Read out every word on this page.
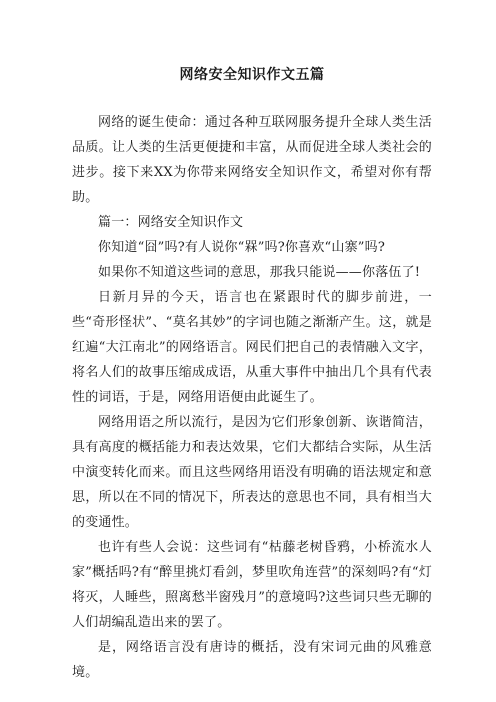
网络安全知识作文五篇

网络的诞生使命：通过各种互联网服务提升全球人类生活品质。让人类的生活更便捷和丰富，从而促进全球人类社会的进步。接下来XX为你带来网络安全知识作文，希望对你有帮助。

篇一：网络安全知识作文

你知道“囧”吗?有人说你“槑”吗?你喜欢“山寨”吗?

如果你不知道这些词的意思，那我只能说——你落伍了!

日新月异的今天，语言也在紧跟时代的脚步前进，一些“奇形怪状”、“莫名其妙”的字词也随之渐渐产生。这，就是红遍“大江南北”的网络语言。网民们把自己的表情融入文字，将名人们的故事压缩成成语，从重大事件中抽出几个具有代表性的词语，于是，网络用语便由此诞生了。

网络用语之所以流行，是因为它们形象创新、诙谐简洁，具有高度的概括能力和表达效果，它们大都结合实际，从生活中演变转化而来。而且这些网络用语没有明确的语法规定和意思，所以在不同的情况下，所表达的意思也不同，具有相当大的变通性。

也许有些人会说：这些词有“枯藤老树昏鸦，小桥流水人家”概括吗?有“醉里挑灯看剑，梦里吹角连营”的深刻吗?有“灯将灭，人睡些，照离愁半窗残月”的意境吗?这些词只些无聊的人们胡编乱造出来的罢了。

是，网络语言没有唐诗的概括，没有宋词元曲的风雅意境。
